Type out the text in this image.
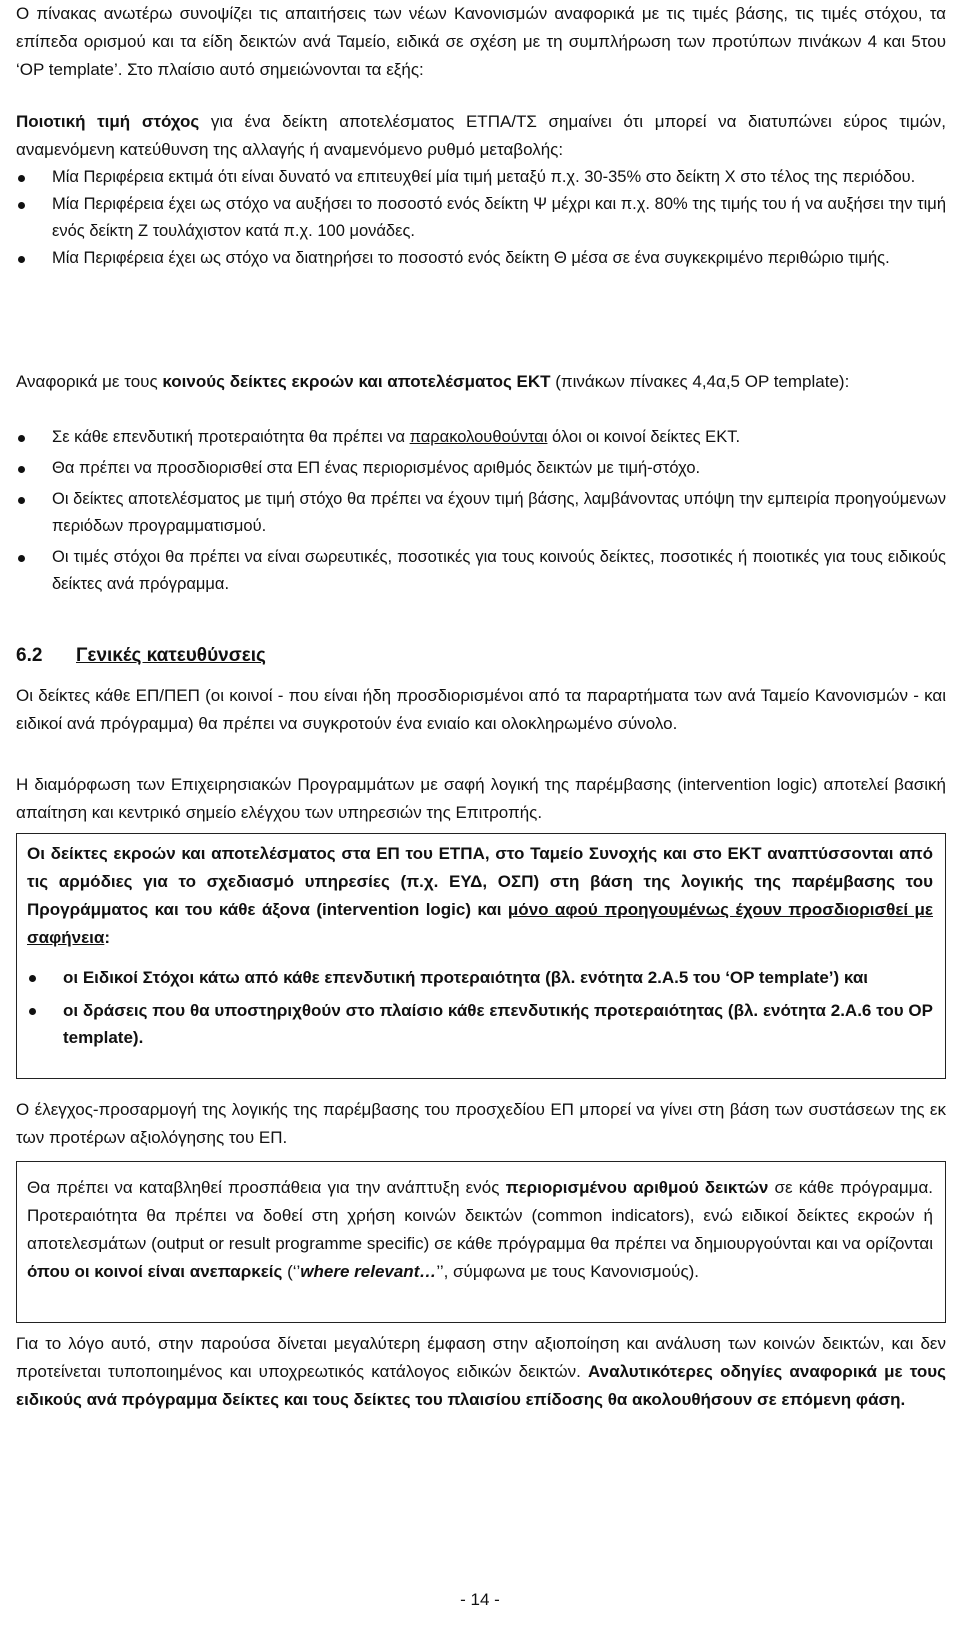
Ο πίνακας ανωτέρω συνοψίζει τις απαιτήσεις των νέων Κανονισμών αναφορικά με τις τιμές βάσης, τις τιμές στόχου, τα επίπεδα ορισμού και τα είδη δεικτών ανά Ταμείο, ειδικά σε σχέση με τη συμπλήρωση των προτύπων πινάκων 4 και 5του ‘OP template’. Στο πλαίσιο αυτό σημειώνονται τα εξής:

Ποιοτική τιμή στόχος για ένα δείκτη αποτελέσματος ΕΤΠΑ/ΤΣ σημαίνει ότι μπορεί να διατυπώνει εύρος τιμών, αναμενόμενη κατεύθυνση της αλλαγής ή αναμενόμενο ρυθμό μεταβολής:

Μία Περιφέρεια εκτιμά ότι είναι δυνατό να επιτευχθεί μία τιμή μεταξύ π.χ. 30-35% στο δείκτη Χ στο τέλος της περιόδου.
Μία Περιφέρεια έχει ως στόχο να αυξήσει το ποσοστό ενός δείκτη Ψ μέχρι και π.χ. 80% της τιμής του ή να αυξήσει την τιμή ενός δείκτη Ζ τουλάχιστον κατά π.χ. 100 μονάδες.
Μία Περιφέρεια έχει ως στόχο να διατηρήσει το ποσοστό ενός δείκτη Θ μέσα σε ένα συγκεκριμένο περιθώριο τιμής.

Αναφορικά με τους κοινούς δείκτες εκροών και αποτελέσματος ΕΚΤ (πινάκων πίνακες 4,4α,5 OP template):

Σε κάθε επενδυτική προτεραιότητα θα πρέπει να παρακολουθούνται όλοι οι κοινοί δείκτες ΕΚΤ.
Θα πρέπει να προσδιορισθεί στα ΕΠ ένας περιορισμένος αριθμός δεικτών με τιμή-στόχο.
Οι δείκτες αποτελέσματος με τιμή στόχο θα πρέπει να έχουν τιμή βάσης, λαμβάνοντας υπόψη την εμπειρία προηγούμενων περιόδων προγραμματισμού.
Οι τιμές στόχοι θα πρέπει να είναι σωρευτικές, ποσοτικές για τους κοινούς δείκτες, ποσοτικές ή ποιοτικές για τους ειδικούς δείκτες ανά πρόγραμμα.
6.2 Γενικές κατευθύνσεις

Οι δείκτες κάθε ΕΠ/ΠΕΠ (οι κοινοί - που είναι ήδη προσδιορισμένοι από τα παραρτήματα των ανά Ταμείο Κανονισμών - και ειδικοί ανά πρόγραμμα) θα πρέπει να συγκροτούν ένα ενιαίο και ολοκληρωμένο σύνολο.

Η διαμόρφωση των Επιχειρησιακών Προγραμμάτων με σαφή λογική της παρέμβασης (intervention logic) αποτελεί βασική απαίτηση και κεντρικό σημείο ελέγχου των υπηρεσιών της Επιτροπής.

Οι δείκτες εκροών και αποτελέσματος στα ΕΠ του ΕΤΠΑ, στο Ταμείο Συνοχής και στο ΕΚΤ αναπτύσσονται από τις αρμόδιες για το σχεδιασμό υπηρεσίες (π.χ. ΕΥΔ, ΟΣΠ) στη βάση της λογικής της παρέμβασης του Προγράμματος και του κάθε άξονα (intervention logic) και μόνο αφού προηγουμένως έχουν προσδιορισθεί με σαφήνεια:

οι Ειδικοί Στόχοι κάτω από κάθε επενδυτική προτεραιότητα (βλ. ενότητα 2.Α.5 του ‘OP template’) και
οι δράσεις που θα υποστηριχθούν στο πλαίσιο κάθε επενδυτικής προτεραιότητας (βλ. ενότητα 2.Α.6 του OP template).

Ο έλεγχος-προσαρμογή της λογικής της παρέμβασης του προσχεδίου ΕΠ μπορεί να γίνει στη βάση των συστάσεων της εκ των προτέρων αξιολόγησης του ΕΠ.

Θα πρέπει να καταβληθεί προσπάθεια για την ανάπτυξη ενός περιορισμένου αριθμού δεικτών σε κάθε πρόγραμμα. Προτεραιότητα θα πρέπει να δοθεί στη χρήση κοινών δεικτών (common indicators), ενώ ειδικοί δείκτες εκροών ή αποτελεσμάτων (output or result programme specific) σε κάθε πρόγραμμα θα πρέπει να δημιουργούνται και να ορίζονται όπου οι κοινοί είναι ανεπαρκείς (‘’where relevant…’’, σύμφωνα με τους Κανονισμούς).

Για το λόγο αυτό, στην παρούσα δίνεται μεγαλύτερη έμφαση στην αξιοποίηση και ανάλυση των κοινών δεικτών, και δεν προτείνεται τυποποιημένος και υποχρεωτικός κατάλογος ειδικών δεικτών. Αναλυτικότερες οδηγίες αναφορικά με τους ειδικούς ανά πρόγραμμα δείκτες και τους δείκτες του πλαισίου επίδοσης θα ακολουθήσουν σε επόμενη φάση.

- 14 -
